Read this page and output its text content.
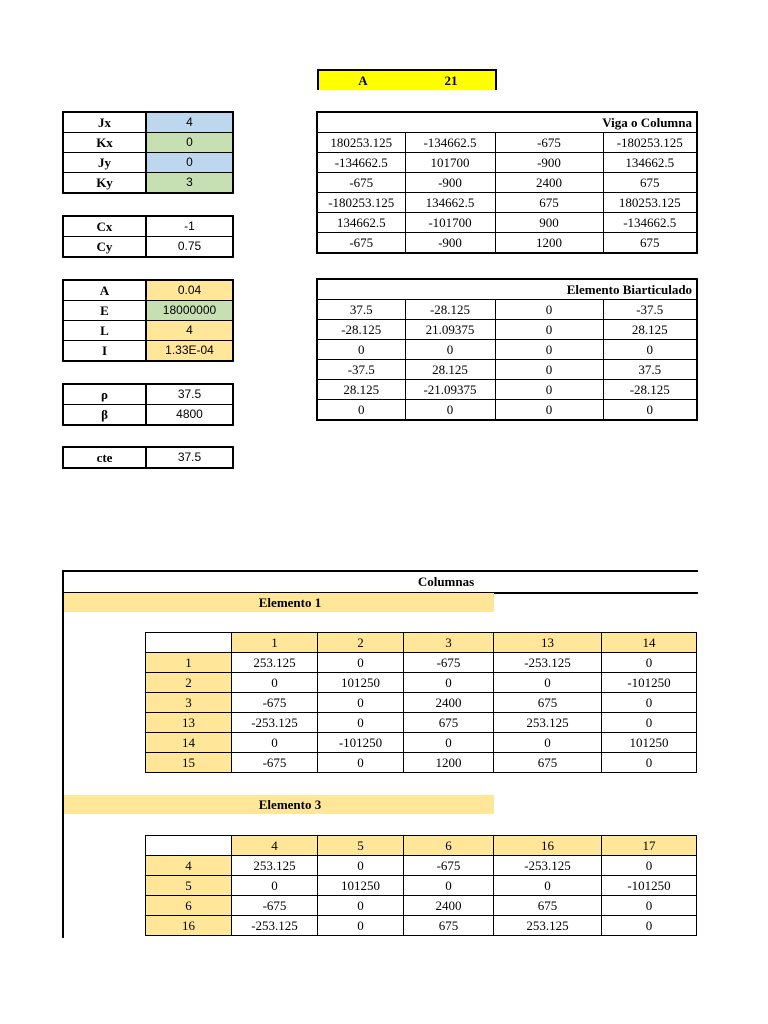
A	21
Jx	4
Kx	0
Jy	0
Ky	3
Cx	-1
Cy	0.75
A	0.04
E	18000000
L	4
I	1.33E-04
ρ	37.5
β	4800
cte	37.5
Viga o Columna			
180253.125	-134662.5	-675	-180253.125
-134662.5	101700	-900	134662.5
-675	-900	2400	675
-180253.125	134662.5	675	180253.125
134662.5	-101700	900	-134662.5
-675	-900	1200	675
Elemento Biarticulado			
37.5	-28.125	0	-37.5
-28.125	21.09375	0	28.125
0	0	0	0
-37.5	28.125	0	37.5
28.125	-21.09375	0	-28.125
0	0	0	0
Columnas
Elemento 1
	1	2	3	13	14
1	253.125	0	-675	-253.125	0
2	0	101250	0	0	-101250
3	-675	0	2400	675	0
13	-253.125	0	675	253.125	0
14	0	-101250	0	0	101250
15	-675	0	1200	675	0
Elemento 3
	4	5	6	16	17
4	253.125	0	-675	-253.125	0
5	0	101250	0	0	-101250
6	-675	0	2400	675	0
16	-253.125	0	675	253.125	0
